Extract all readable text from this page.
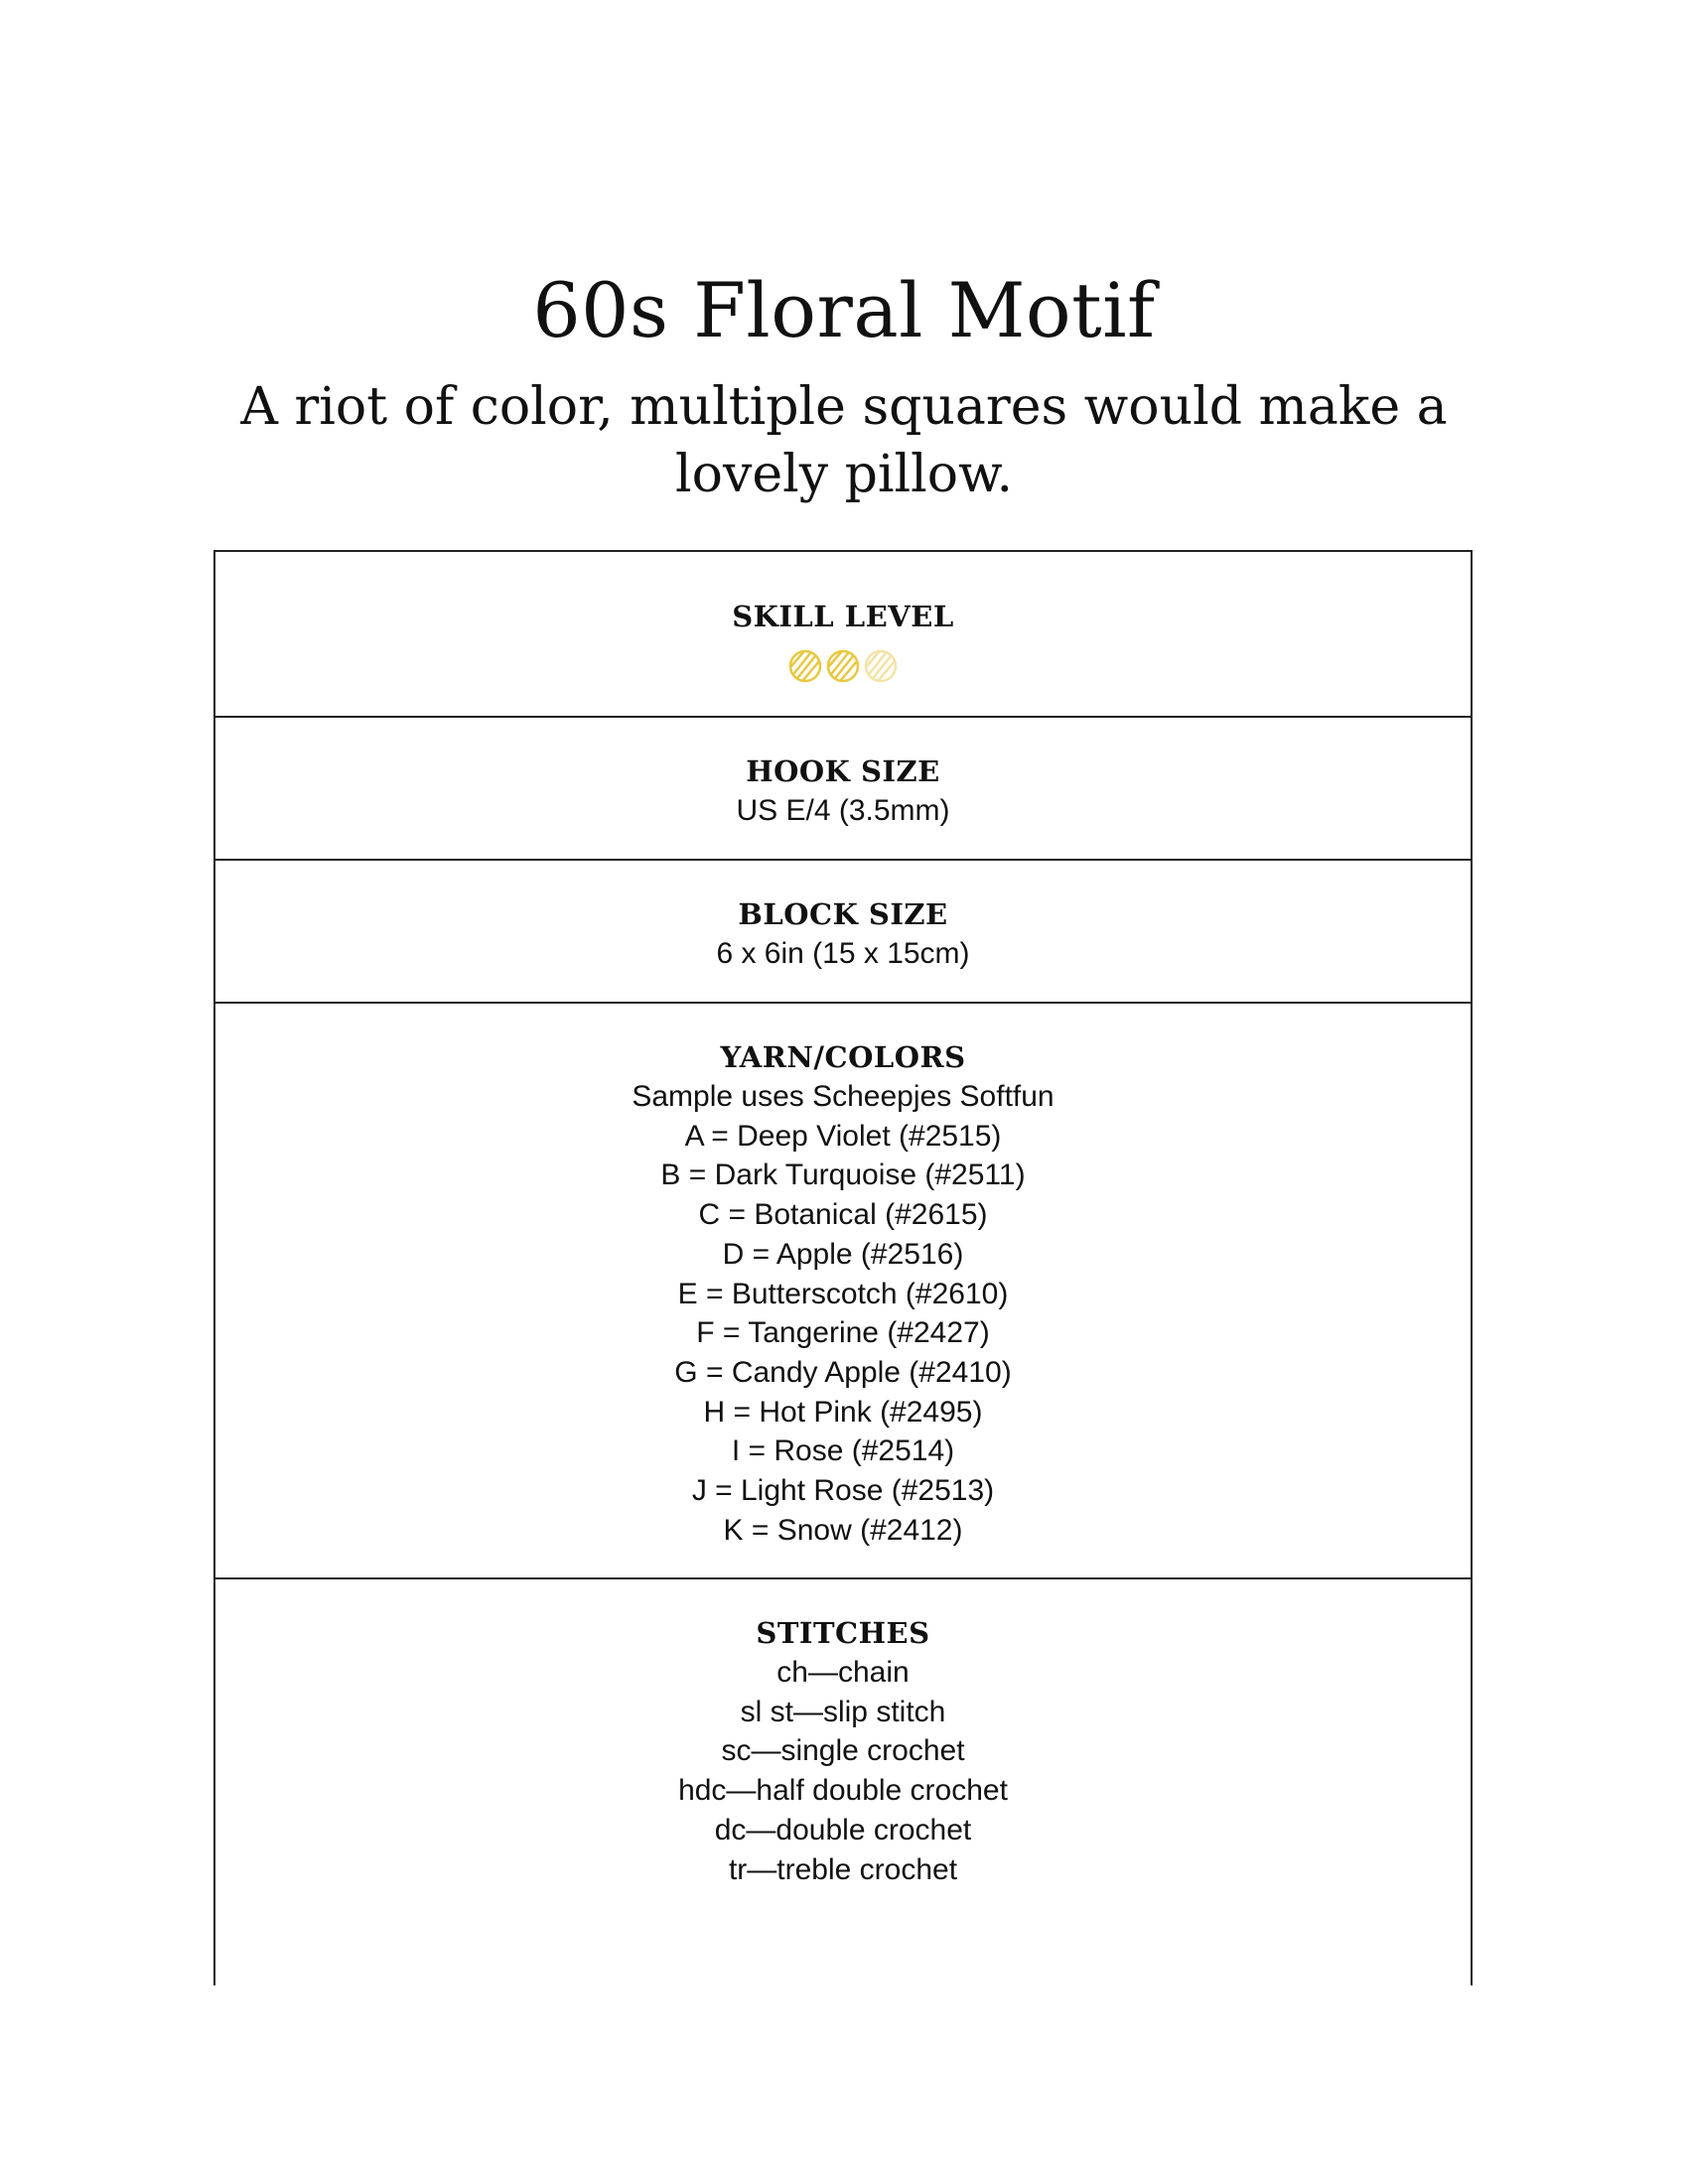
60s Floral Motif
A riot of color, multiple squares would make a lovely pillow.
SKILL LEVEL
HOOK SIZE
US E/4 (3.5mm)
BLOCK SIZE
6 x 6in (15 x 15cm)
YARN/COLORS
Sample uses Scheepjes Softfun
A = Deep Violet (#2515)
B = Dark Turquoise (#2511)
C = Botanical (#2615)
D = Apple (#2516)
E = Butterscotch (#2610)
F = Tangerine (#2427)
G = Candy Apple (#2410)
H = Hot Pink (#2495)
I = Rose (#2514)
J = Light Rose (#2513)
K = Snow (#2412)
STITCHES
ch—chain
sl st—slip stitch
sc—single crochet
hdc—half double crochet
dc—double crochet
tr—treble crochet
